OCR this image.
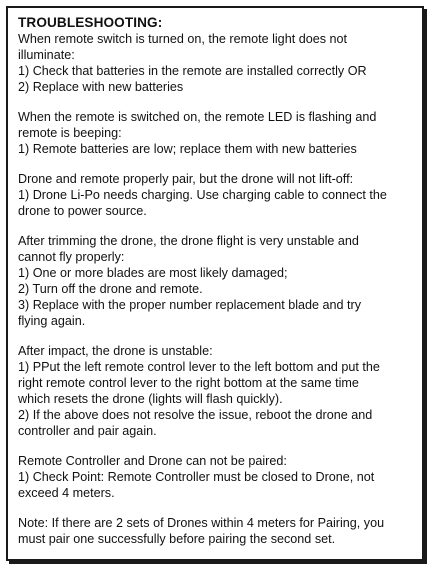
TROUBLESHOOTING:

When remote switch is turned on, the remote light does not

illuminate:

1) Check that batteries in the remote are installed correctly OR

2) Replace with new batteries

When the remote is switched on, the remote LED is flashing and

remote is beeping:

1) Remote batteries are low; replace them with new batteries

Drone and remote properly pair, but the drone will not lift-off:

1) Drone Li-Po needs charging. Use charging cable to connect the

drone to power source.

After trimming the drone, the drone flight is very unstable and

cannot fly properly:

1) One or more blades are most likely damaged;

2) Turn off the drone and remote.

3) Replace with the proper number replacement blade and try

flying again.

After impact, the drone is unstable:

1) PPut the left remote control lever to the left bottom and put the

right remote control lever to the right bottom at the same time

which resets the drone (lights will flash quickly).

2) If the above does not resolve the issue, reboot the drone and

controller and pair again.

Remote Controller and Drone can not be paired:

1) Check Point: Remote Controller must be closed to Drone, not

exceed 4 meters.

Note: If there are 2 sets of Drones within 4 meters for Pairing, you

must pair one successfully before pairing the second set.
